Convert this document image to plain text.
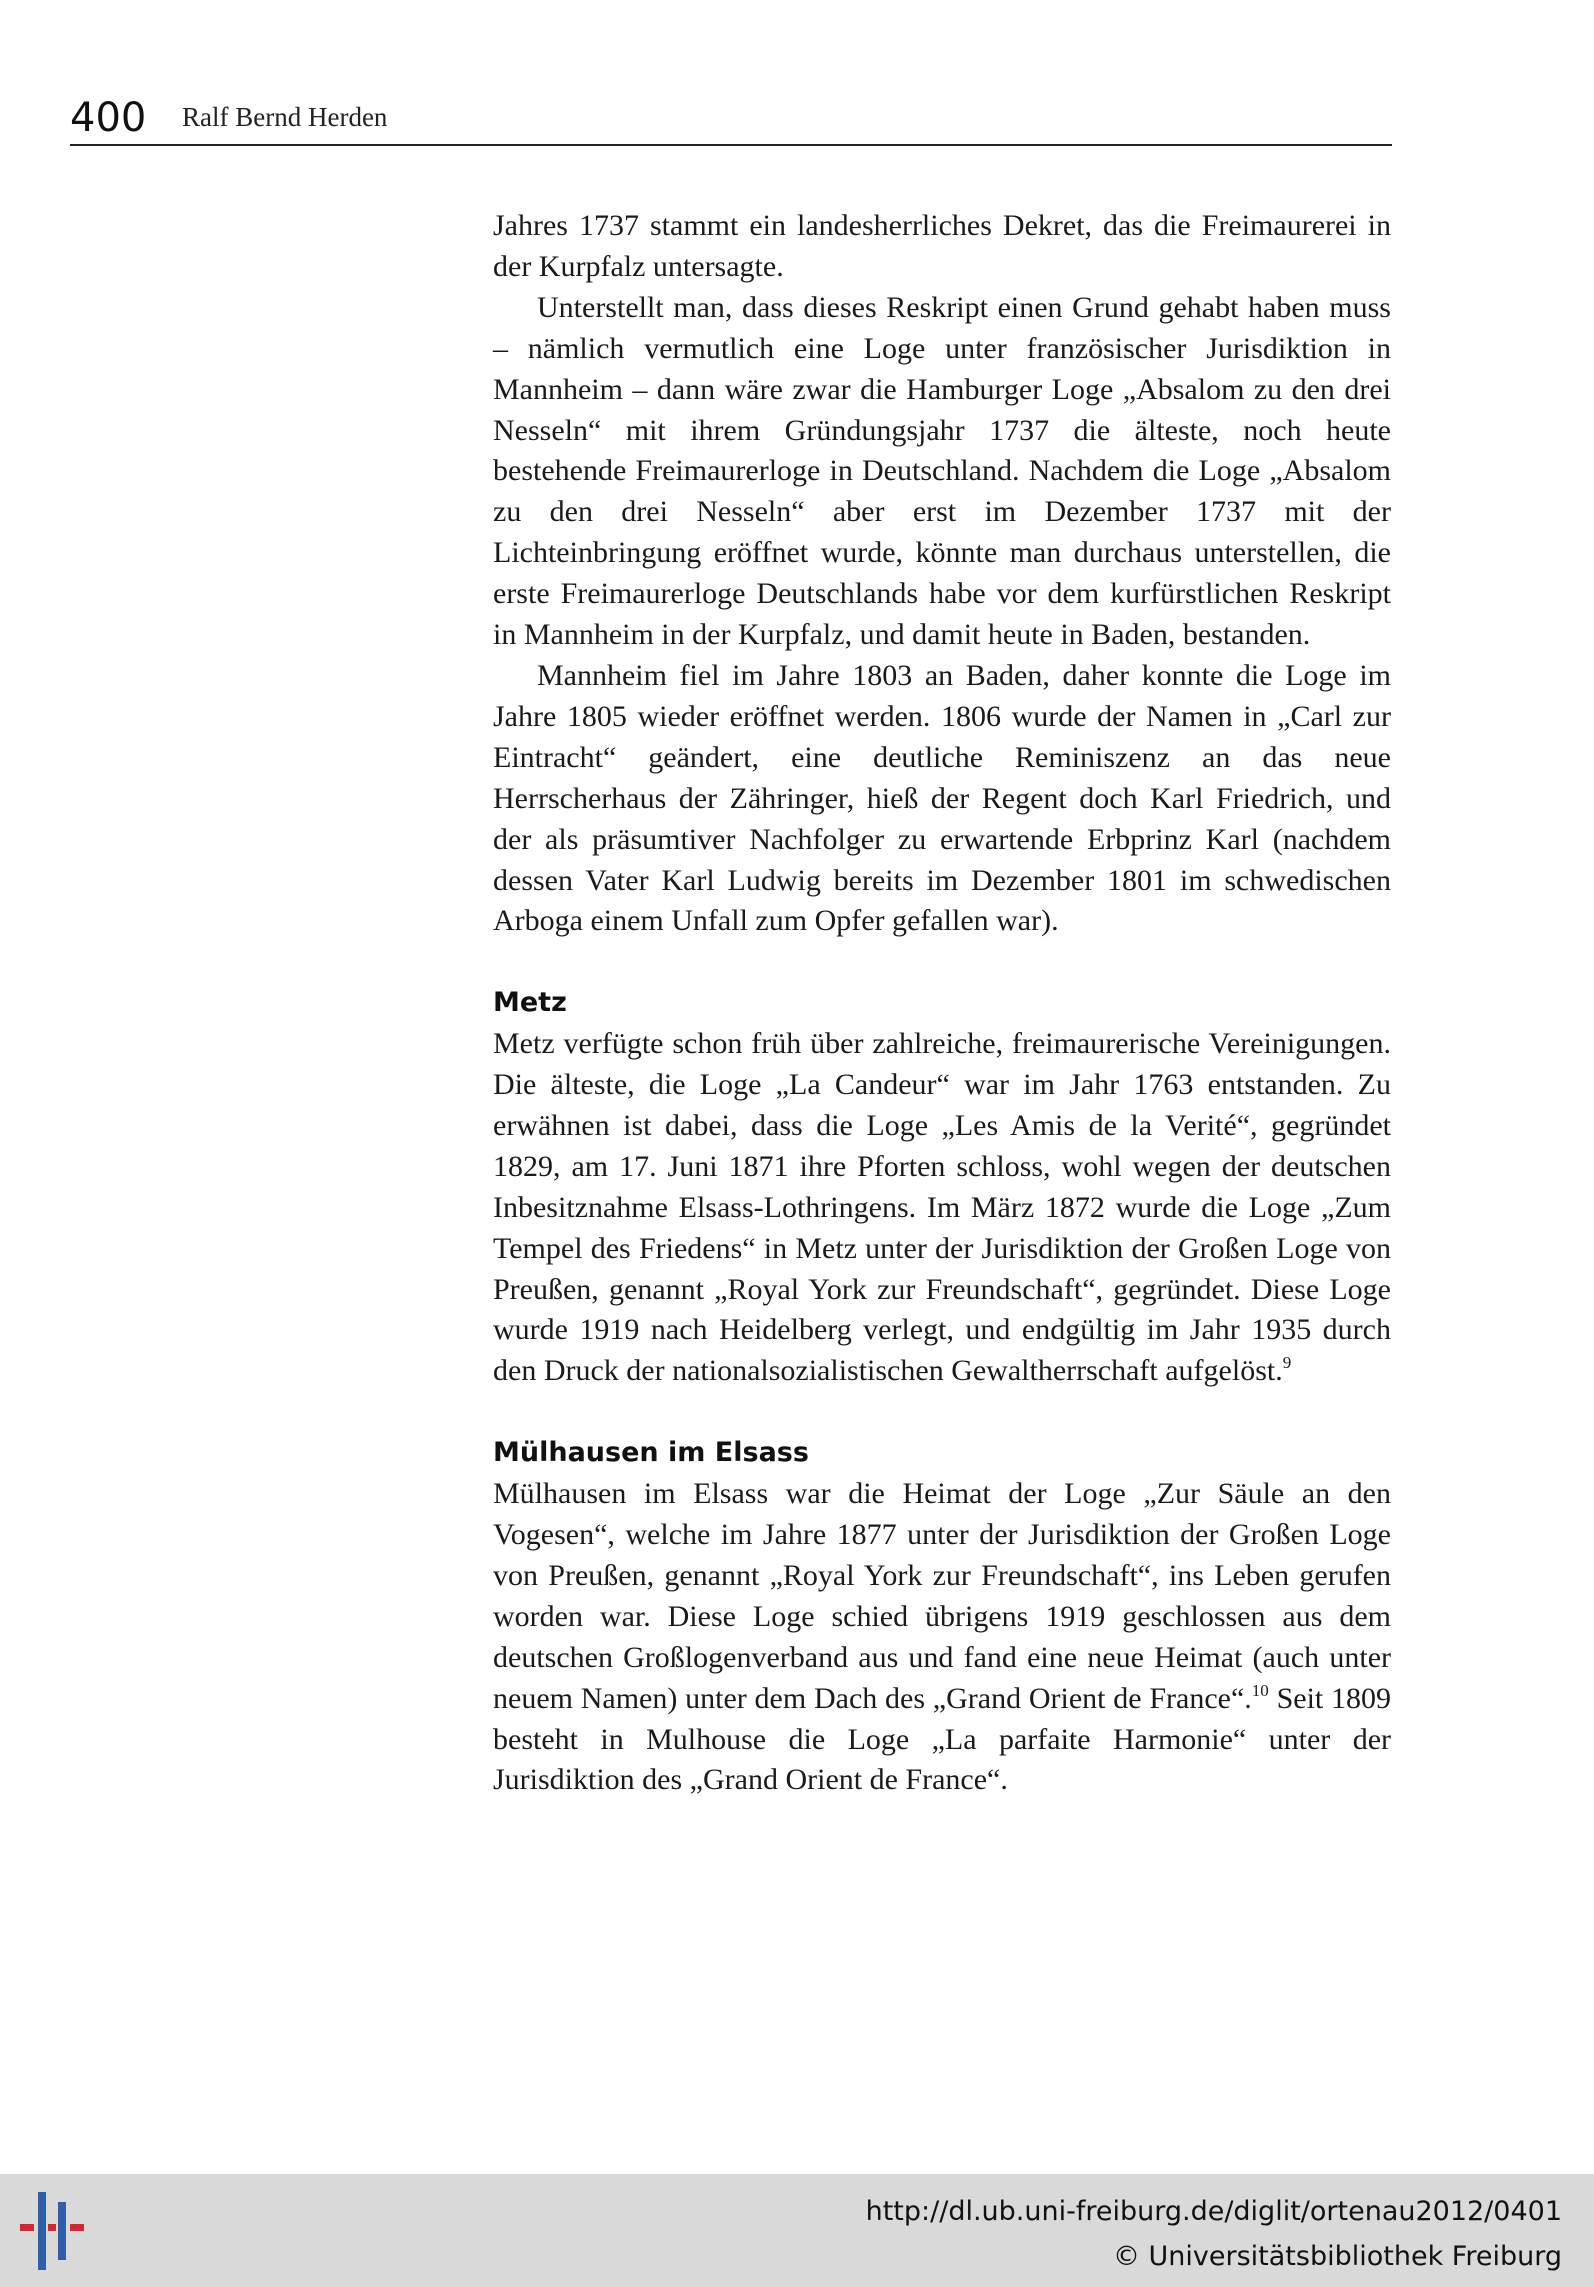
400 Ralf Bernd Herden

Jahres 1737 stammt ein landesherrliches Dekret, das die Freimaurerei in der Kurpfalz untersagte.

Unterstellt man, dass dieses Reskript einen Grund gehabt haben muss – nämlich vermutlich eine Loge unter französischer Jurisdiktion in Mannheim – dann wäre zwar die Hamburger Loge „Absalom zu den drei Nesseln“ mit ihrem Gründungsjahr 1737 die älteste, noch heute bestehende Freimaurerloge in Deutschland. Nachdem die Loge „Absalom zu den drei Nesseln“ aber erst im Dezember 1737 mit der Lichteinbringung eröffnet wurde, könnte man durchaus unterstellen, die erste Freimaurerloge Deutschlands habe vor dem kurfürstlichen Reskript in Mannheim in der Kurpfalz, und damit heute in Baden, bestanden.

Mannheim fiel im Jahre 1803 an Baden, daher konnte die Loge im Jahre 1805 wieder eröffnet werden. 1806 wurde der Namen in „Carl zur Eintracht“ geändert, eine deutliche Reminiszenz an das neue Herrscherhaus der Zähringer, hieß der Regent doch Karl Friedrich, und der als präsumtiver Nachfolger zu erwartende Erbprinz Karl (nachdem dessen Vater Karl Ludwig bereits im Dezember 1801 im schwedischen Arboga einem Unfall zum Opfer gefallen war).

Metz

Metz verfügte schon früh über zahlreiche, freimaurerische Vereinigungen. Die älteste, die Loge „La Candeur“ war im Jahr 1763 entstanden. Zu erwähnen ist dabei, dass die Loge „Les Amis de la Verité“, gegründet 1829, am 17. Juni 1871 ihre Pforten schloss, wohl wegen der deutschen Inbesitznahme Elsass-Lothringens. Im März 1872 wurde die Loge „Zum Tempel des Friedens“ in Metz unter der Jurisdiktion der Großen Loge von Preußen, genannt „Royal York zur Freundschaft“, gegründet. Diese Loge wurde 1919 nach Heidelberg verlegt, und endgültig im Jahr 1935 durch den Druck der nationalsozialistischen Gewaltherrschaft aufgelöst.$^9$

Mülhausen im Elsass

Mülhausen im Elsass war die Heimat der Loge „Zur Säule an den Vogesen“, welche im Jahre 1877 unter der Jurisdiktion der Großen Loge von Preußen, genannt „Royal York zur Freundschaft“, ins Leben gerufen worden war. Diese Loge schied übrigens 1919 geschlossen aus dem deutschen Großlogenverband aus und fand eine neue Heimat (auch unter neuem Namen) unter dem Dach des „Grand Orient de France“.$^{10}$ Seit 1809 besteht in Mulhouse die Loge „La parfaite Harmonie“ unter der Jurisdiktion des „Grand Orient de France“.

http://dl.ub.uni-freiburg.de/diglit/ortenau2012/0401
© Universitätsbibliothek Freiburg
